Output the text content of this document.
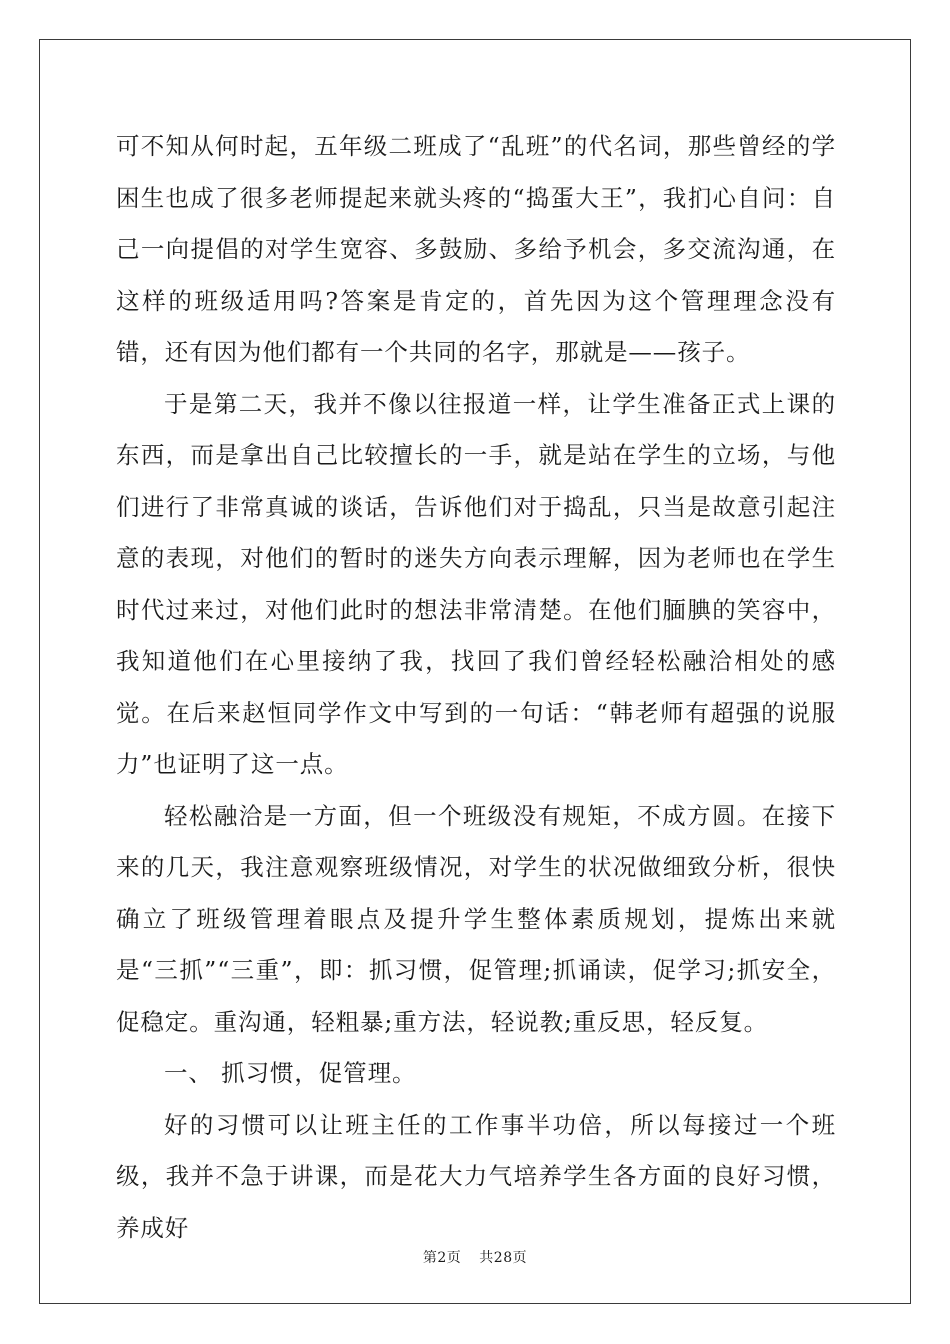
可不知从何时起，五年级二班成了“乱班”的代名词，那些曾经的学困生也成了很多老师提起来就头疼的“捣蛋大王”，我扪心自问：自己一向提倡的对学生宽容、多鼓励、多给予机会，多交流沟通，在这样的班级适用吗?答案是肯定的，首先因为这个管理理念没有错，还有因为他们都有一个共同的名字，那就是——孩子。

于是第二天，我并不像以往报道一样，让学生准备正式上课的东西，而是拿出自己比较擅长的一手，就是站在学生的立场，与他们进行了非常真诚的谈话，告诉他们对于捣乱，只当是故意引起注意的表现，对他们的暂时的迷失方向表示理解，因为老师也在学生时代过来过，对他们此时的想法非常清楚。在他们腼腆的笑容中，我知道他们在心里接纳了我，找回了我们曾经轻松融洽相处的感觉。在后来赵恒同学作文中写到的一句话：“韩老师有超强的说服力”也证明了这一点。

轻松融洽是一方面，但一个班级没有规矩，不成方圆。在接下来的几天，我注意观察班级情况，对学生的状况做细致分析，很快确立了班级管理着眼点及提升学生整体素质规划，提炼出来就是“三抓”“三重”，即：抓习惯，促管理;抓诵读，促学习;抓安全，促稳定。重沟通，轻粗暴;重方法，轻说教;重反思，轻反复。

一、 抓习惯，促管理。

好的习惯可以让班主任的工作事半功倍，所以每接过一个班级，我并不急于讲课，而是花大力气培养学生各方面的良好习惯，养成好

第2页 共28页
